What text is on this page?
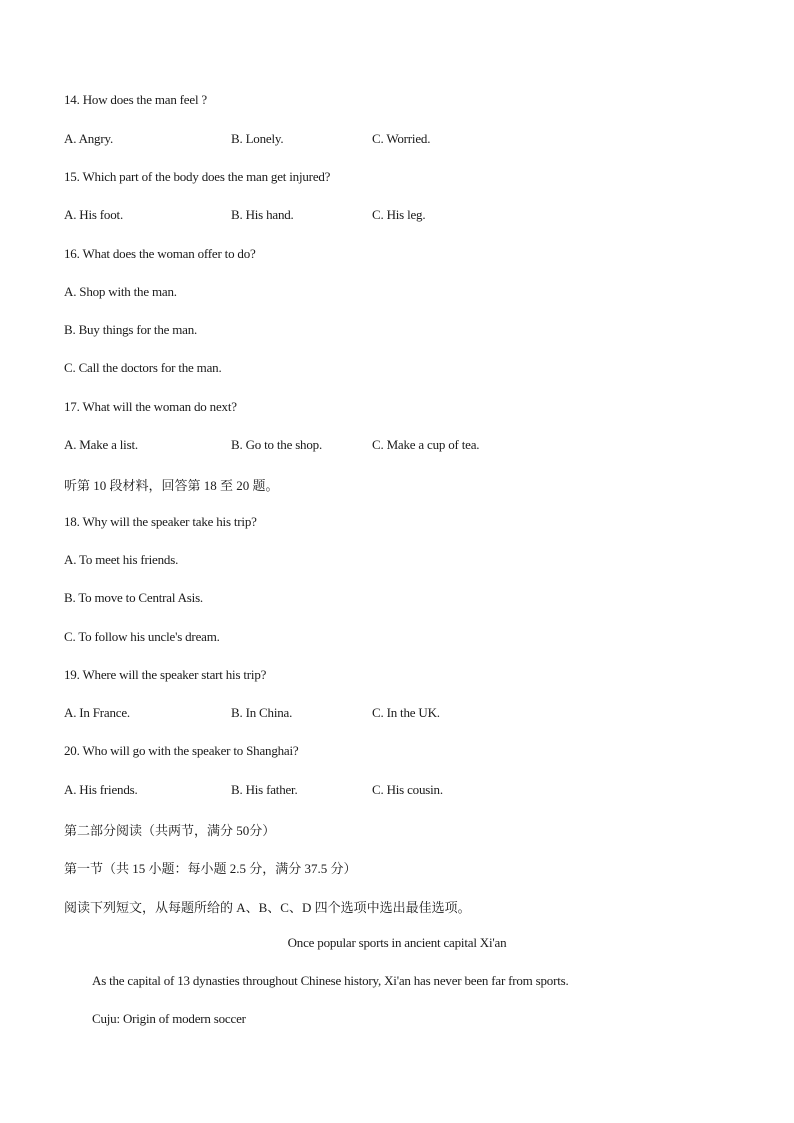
14. How does the man feel ?
A. Angry.	B. Lonely.	C. Worried.
15. Which part of the body does the man get injured?
A. His foot.	B. His hand.	C. His leg.
16. What does the woman offer to do?
A. Shop with the man.
B. Buy things for the man.
C. Call the doctors for the man.
17. What will the woman do next?
A. Make a list.	B. Go to the shop.	C. Make a cup of tea.
听第 10 段材料，回答第 18 至 20 题。
18. Why will the speaker take his trip?
A. To meet his friends.
B. To move to Central Asis.
C. To follow his uncle's dream.
19. Where will the speaker start his trip?
A. In France.	B. In China.	C. In the UK.
20. Who will go with the speaker to Shanghai?
A. His friends.	B. His father.	C. His cousin.
第二部分阅读（共两节，满分 50分）
第一节（共 15 小题：每小题 2.5 分，满分 37.5 分）
阅读下列短文，从每题所给的 A、B、C、D 四个选项中选出最佳选项。
Once popular sports in ancient capital Xi'an
As the capital of 13 dynasties throughout Chinese history, Xi'an has never been far from sports.
Cuju: Origin of modern soccer
